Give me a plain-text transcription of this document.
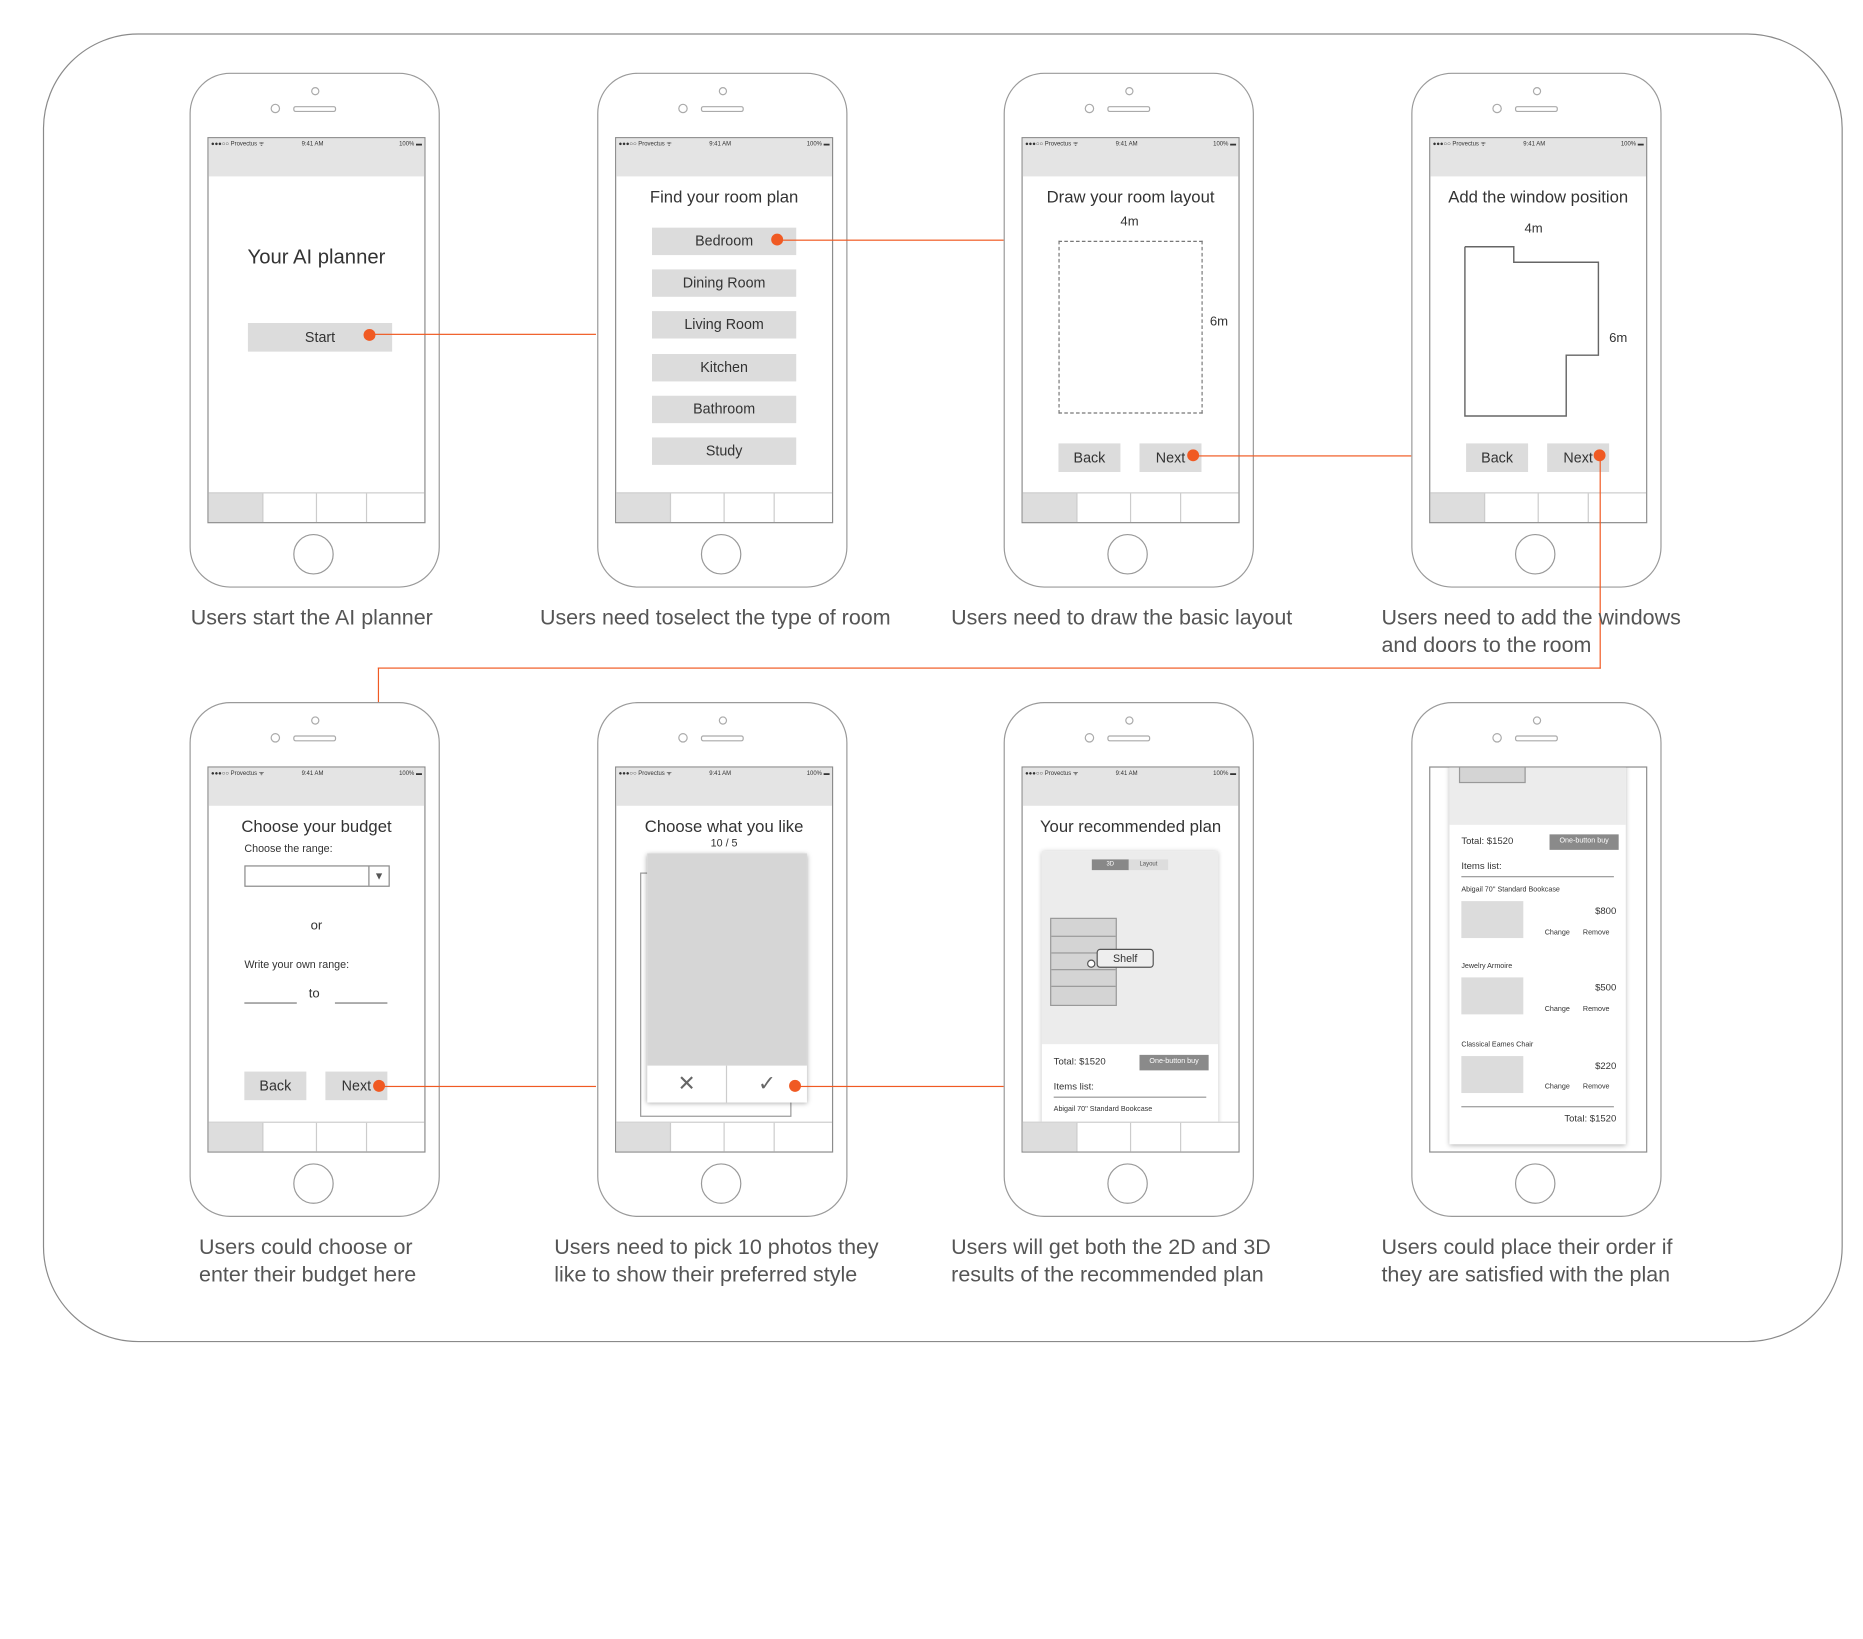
●●●○○ Provectus ᯤ	9:41 AM	100% ▬
Your AI planner
Start
●●●○○ Provectus ᯤ	9:41 AM	100% ▬
Find your room plan
Bedroom
Dining Room
Living Room
Kitchen
Bathroom
Study
●●●○○ Provectus ᯤ	9:41 AM	100% ▬
Draw your room layout
4m
6m
Back	Next
●●●○○ Provectus ᯤ	9:41 AM	100% ▬
Add the window position
4m
6m
Back	Next
●●●○○ Provectus ᯤ	9:41 AM	100% ▬
Choose your budget
Choose the range:
▼
or
Write your own range:
to
Back	Next
●●●○○ Provectus ᯤ	9:41 AM	100% ▬
Choose what you like
10 / 5
✕	✓
●●●○○ Provectus ᯤ	9:41 AM	100% ▬
Your recommended plan
3D	Layout
Shelf
Total: $1520	One-button buy
Items list:
Abigail 70'' Standard Bookcase
Total: $1520	One-button buy
Items list:
Abigail 70'' Standard Bookcase
$800
Change Remove
Jewelry Armoire
$500
Change Remove
Classical Eames Chair
$220
Change Remove
Total: $1520
Users start the AI planner	Users need toselect the type of room	Users need to draw the basic layout	Users need to add the windows
and doors to the room
Users could choose or
enter their budget here
Users need to pick 10 photos they
like to show their preferred style
Users will get both the 2D and 3D
results of the recommended plan
Users could place their order if
they are satisfied with the plan
